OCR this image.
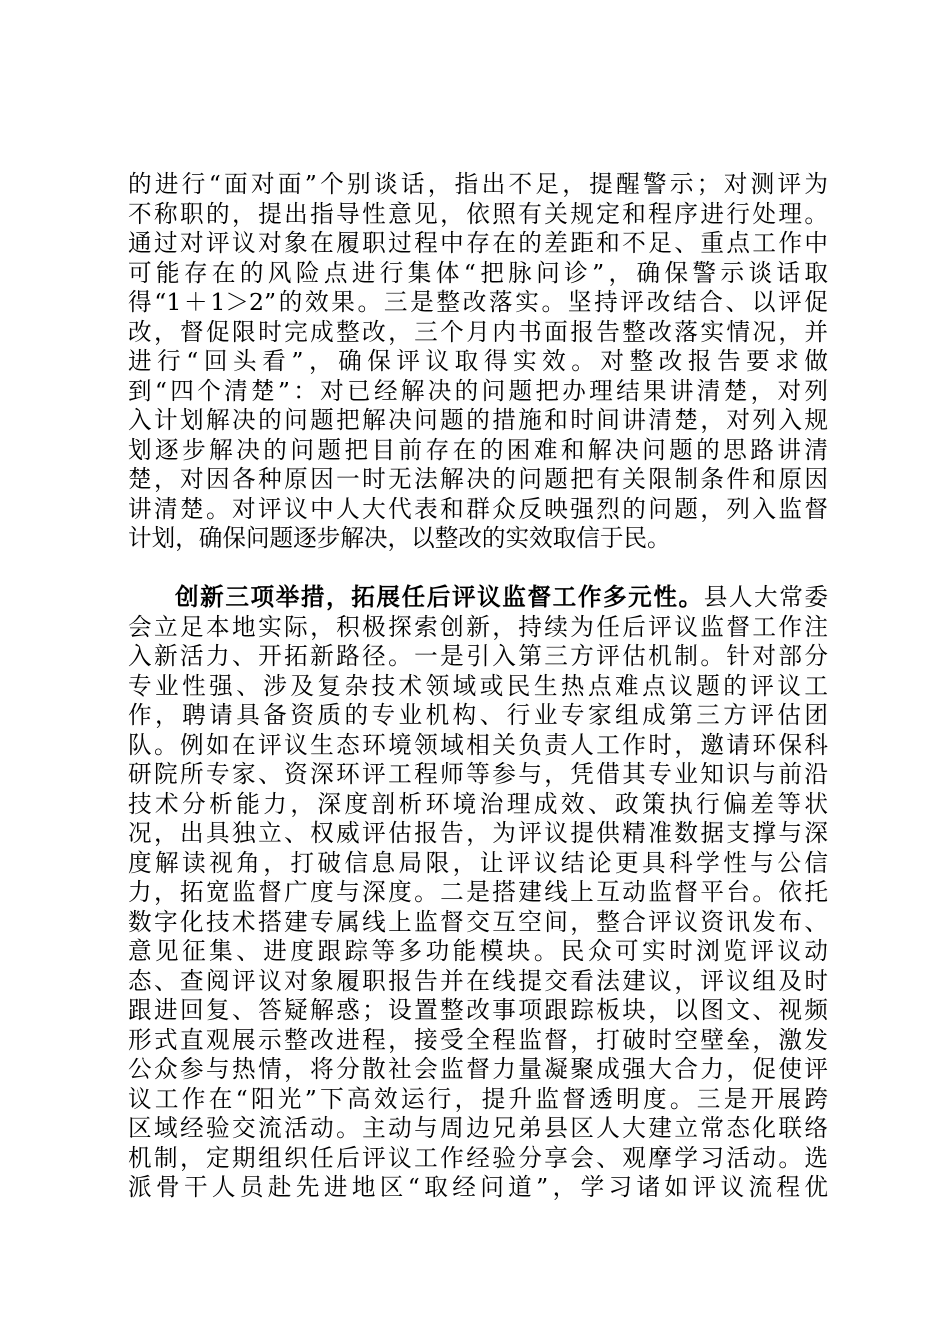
的进行“面对面”个别谈话，指出不足，提醒警示；对测评为
不称职的，提出指导性意见，依照有关规定和程序进行处理。
通过对评议对象在履职过程中存在的差距和不足、重点工作中
可能存在的风险点进行集体“把脉问诊”，确保警示谈话取
得“1＋1＞2”的效果。三是整改落实。坚持评改结合、以评促
改，督促限时完成整改，三个月内书面报告整改落实情况，并
进行“回头看”，确保评议取得实效。对整改报告要求做
到“四个清楚”：对已经解决的问题把办理结果讲清楚，对列
入计划解决的问题把解决问题的措施和时间讲清楚，对列入规
划逐步解决的问题把目前存在的困难和解决问题的思路讲清
楚，对因各种原因一时无法解决的问题把有关限制条件和原因
讲清楚。对评议中人大代表和群众反映强烈的问题，列入监督
计划，确保问题逐步解决，以整改的实效取信于民。
创新三项举措，拓展任后评议监督工作多元性。县人大常委
会立足本地实际，积极探索创新，持续为任后评议监督工作注
入新活力、开拓新路径。一是引入第三方评估机制。针对部分
专业性强、涉及复杂技术领域或民生热点难点议题的评议工
作，聘请具备资质的专业机构、行业专家组成第三方评估团
队。例如在评议生态环境领域相关负责人工作时，邀请环保科
研院所专家、资深环评工程师等参与，凭借其专业知识与前沿
技术分析能力，深度剖析环境治理成效、政策执行偏差等状
况，出具独立、权威评估报告，为评议提供精准数据支撑与深
度解读视角，打破信息局限，让评议结论更具科学性与公信
力，拓宽监督广度与深度。二是搭建线上互动监督平台。依托
数字化技术搭建专属线上监督交互空间，整合评议资讯发布、
意见征集、进度跟踪等多功能模块。民众可实时浏览评议动
态、查阅评议对象履职报告并在线提交看法建议，评议组及时
跟进回复、答疑解惑；设置整改事项跟踪板块，以图文、视频
形式直观展示整改进程，接受全程监督，打破时空壁垒，激发
公众参与热情，将分散社会监督力量凝聚成强大合力，促使评
议工作在“阳光”下高效运行，提升监督透明度。三是开展跨
区域经验交流活动。主动与周边兄弟县区人大建立常态化联络
机制，定期组织任后评议工作经验分享会、观摩学习活动。选
派骨干人员赴先进地区“取经问道”，学习诸如评议流程优
